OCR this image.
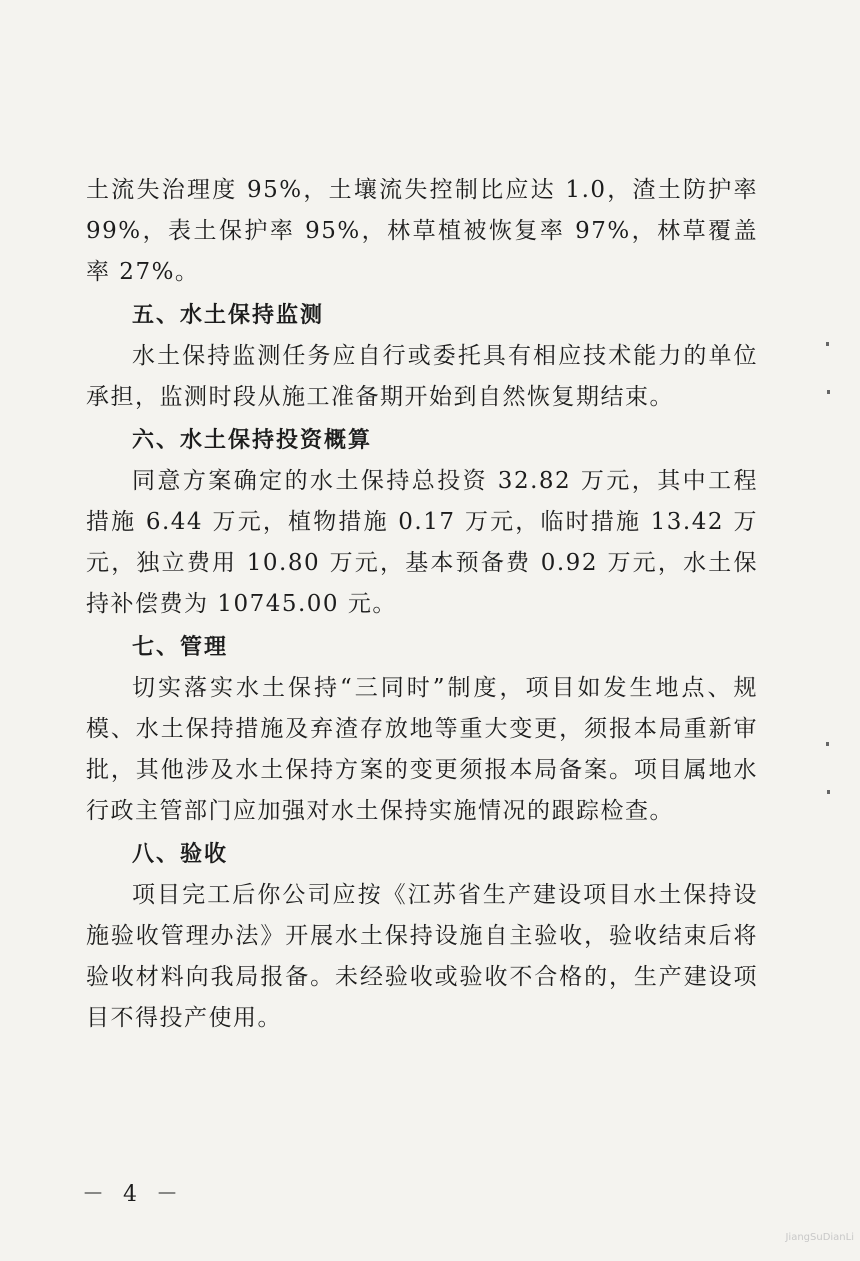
土流失治理度 95%，土壤流失控制比应达 1.0，渣土防护率 99%，表土保护率 95%，林草植被恢复率 97%，林草覆盖率 27%。

五、水土保持监测

水土保持监测任务应自行或委托具有相应技术能力的单位承担，监测时段从施工准备期开始到自然恢复期结束。

六、水土保持投资概算

同意方案确定的水土保持总投资 32.82 万元，其中工程措施 6.44 万元，植物措施 0.17 万元，临时措施 13.42 万元，独立费用 10.80 万元，基本预备费 0.92 万元，水土保持补偿费为 10745.00 元。

七、管理

切实落实水土保持“三同时”制度，项目如发生地点、规模、水土保持措施及弃渣存放地等重大变更，须报本局重新审批，其他涉及水土保持方案的变更须报本局备案。项目属地水行政主管部门应加强对水土保持实施情况的跟踪检查。

八、验收

项目完工后你公司应按《江苏省生产建设项目水土保持设施验收管理办法》开展水土保持设施自主验收，验收结束后将验收材料向我局报备。未经验收或验收不合格的，生产建设项目不得投产使用。

－ 4 －
JiangSuDianLi
